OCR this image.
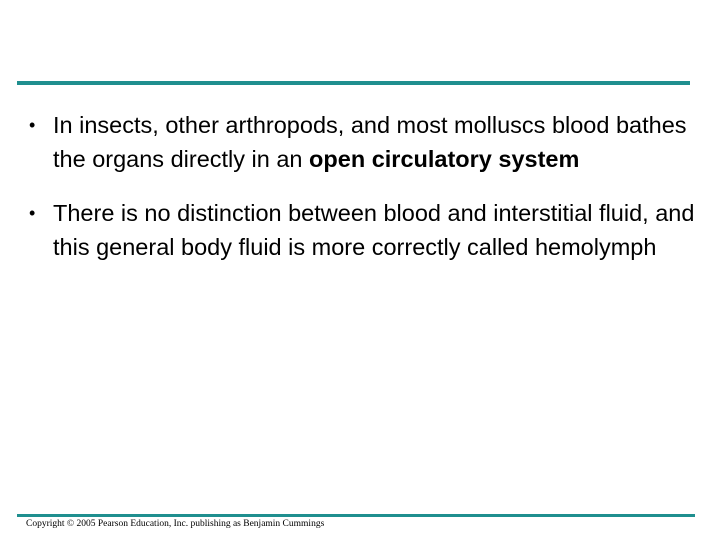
• In insects, other arthropods, and most molluscs blood bathes the organs directly in an open circulatory system
• There is no distinction between blood and interstitial fluid, and this general body fluid is more correctly called hemolymph
Copyright © 2005 Pearson Education, Inc. publishing as Benjamin Cummings
